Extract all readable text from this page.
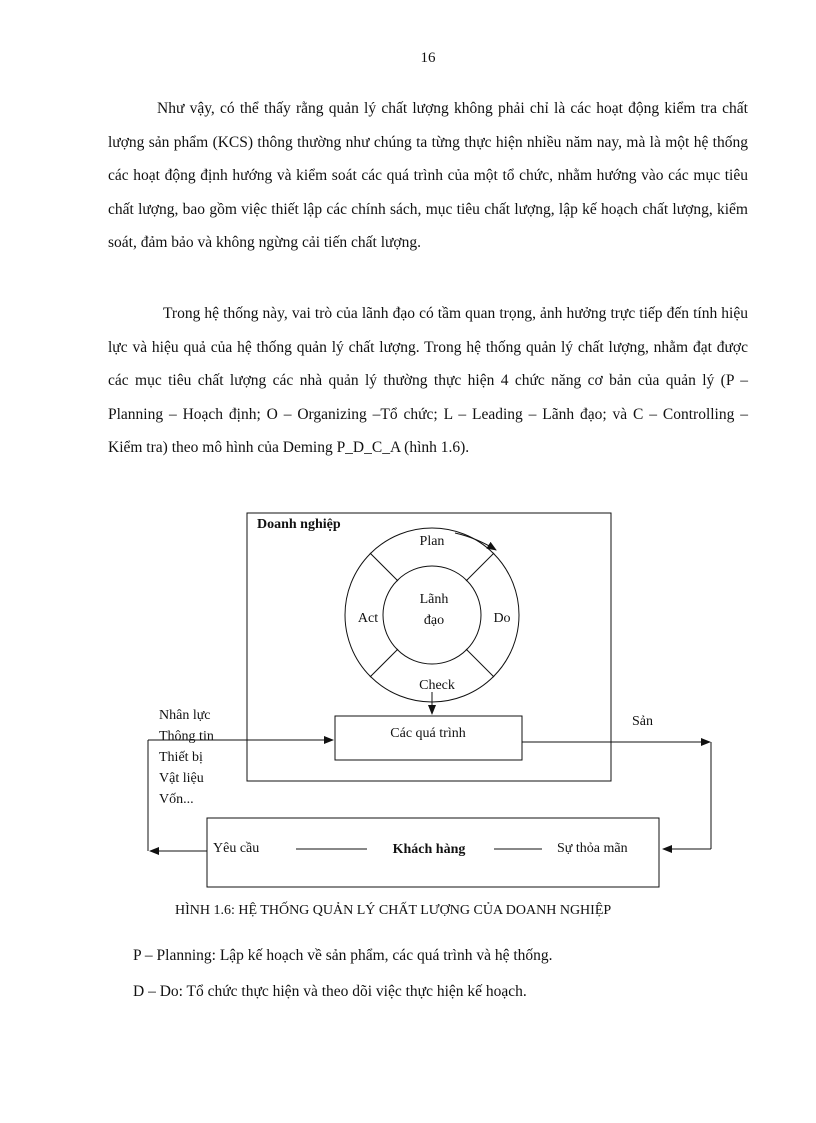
16

Như vậy, có thể thấy rằng quản lý chất lượng không phải chỉ là các hoạt động kiểm tra chất lượng sản phẩm (KCS) thông thường như chúng ta từng thực hiện nhiều năm nay, mà là một hệ thống các hoạt động định hướng và kiểm soát các quá trình của một tổ chức, nhằm hướng vào các mục tiêu chất lượng, bao gồm việc thiết lập các chính sách, mục tiêu chất lượng, lập kế hoạch chất lượng, kiểm soát, đảm bảo và không ngừng cải tiến chất lượng.

Trong hệ thống này, vai trò của lãnh đạo có tầm quan trọng, ảnh hưởng trực tiếp đến tính hiệu lực và hiệu quả của hệ thống quản lý chất lượng. Trong hệ thống quản lý chất lượng, nhằm đạt được các mục tiêu chất lượng các nhà quản lý thường thực hiện 4 chức năng cơ bản của quản lý (P – Planning – Hoạch định; O – Organizing –Tổ chức; L – Leading – Lãnh đạo; và C – Controlling – Kiểm tra) theo mô hình của Deming P_D_C_A (hình 1.6).

Doanh nghiệp
Plan
Do
Act
Check
Lãnh
đạo
Các quá trình
Nhân lực
Thông tin
Thiết bị
Vật liệu
Vốn...
Sản
Yêu cầu	Khách hàng	Sự thỏa mãn
HÌNH 1.6: HỆ THỐNG QUẢN LÝ CHẤT LƯỢNG CỦA DOANH NGHIỆP

P – Planning: Lập kế hoạch về sản phẩm, các quá trình và hệ thống.

D – Do: Tổ chức thực hiện và theo dõi việc thực hiện kế hoạch.
